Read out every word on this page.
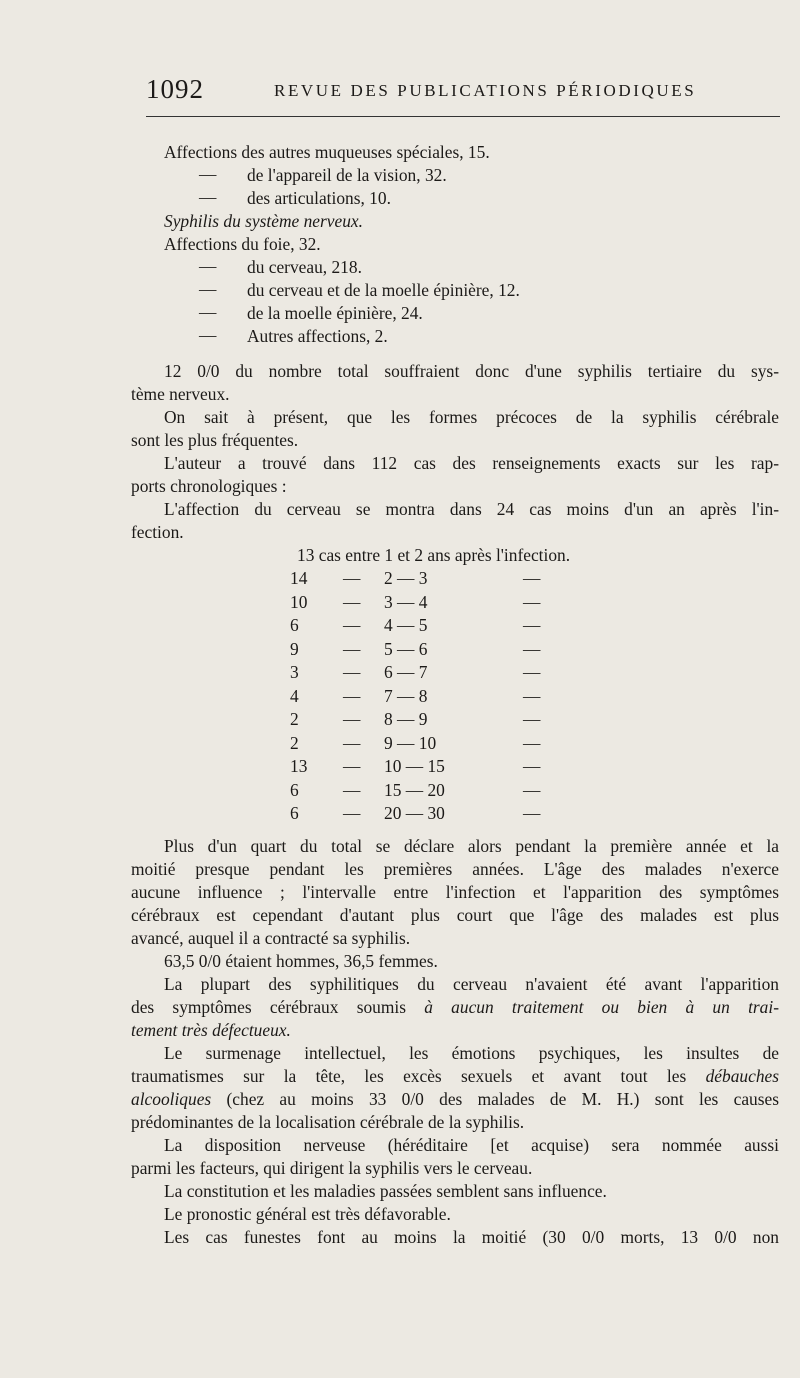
1092	REVUE DES PUBLICATIONS PÉRIODIQUES
Affections des autres muqueuses spéciales, 15.
— de l'appareil de la vision, 32.
— des articulations, 10.
Syphilis du système nerveux.
Affections du foie, 32.
— du cerveau, 218.
— du cerveau et de la moelle épinière, 12.
— de la moelle épinière, 24.
— Autres affections, 2.
12 0/0 du nombre total souffraient donc d'une syphilis tertiaire du sys-
tème nerveux.
On sait à présent, que les formes précoces de la syphilis cérébrale
sont les plus fréquentes.
L'auteur a trouvé dans 112 cas des renseignements exacts sur les rap-
ports chronologiques :
L'affection du cerveau se montra dans 24 cas moins d'un an après l'in-
fection.
13 cas entre 1 et 2 ans après l'infection.
14	— 2 — 3	—
10	— 3 — 4	—
6	— 4 — 5	—
9	— 5 — 6	—
3	— 6 — 7	—
4	— 7 — 8	—
2	— 8 — 9	—
2	— 9 — 10	—
13	— 10 — 15	—
6	— 15 — 20	—
6	— 20 — 30	—
Plus d'un quart du total se déclare alors pendant la première année et la
moitié presque pendant les premières années. L'âge des malades n'exerce
aucune influence ; l'intervalle entre l'infection et l'apparition des symptômes
cérébraux est cependant d'autant plus court que l'âge des malades est plus
avancé, auquel il a contracté sa syphilis.
63,5 0/0 étaient hommes, 36,5 femmes.
La plupart des syphilitiques du cerveau n'avaient été avant l'apparition
des symptômes cérébraux soumis à aucun traitement ou bien à un trai-
tement très défectueux.
Le surmenage intellectuel, les émotions psychiques, les insultes de
traumatismes sur la tête, les excès sexuels et avant tout les débauches
alcooliques (chez au moins 33 0/0 des malades de M. H.) sont les causes
prédominantes de la localisation cérébrale de la syphilis.
La disposition nerveuse (héréditaire [et acquise) sera nommée aussi
parmi les facteurs, qui dirigent la syphilis vers le cerveau.
La constitution et les maladies passées semblent sans influence.
Le pronostic général est très défavorable.
Les cas funestes font au moins la moitié (30 0/0 morts, 13 0/0 non
